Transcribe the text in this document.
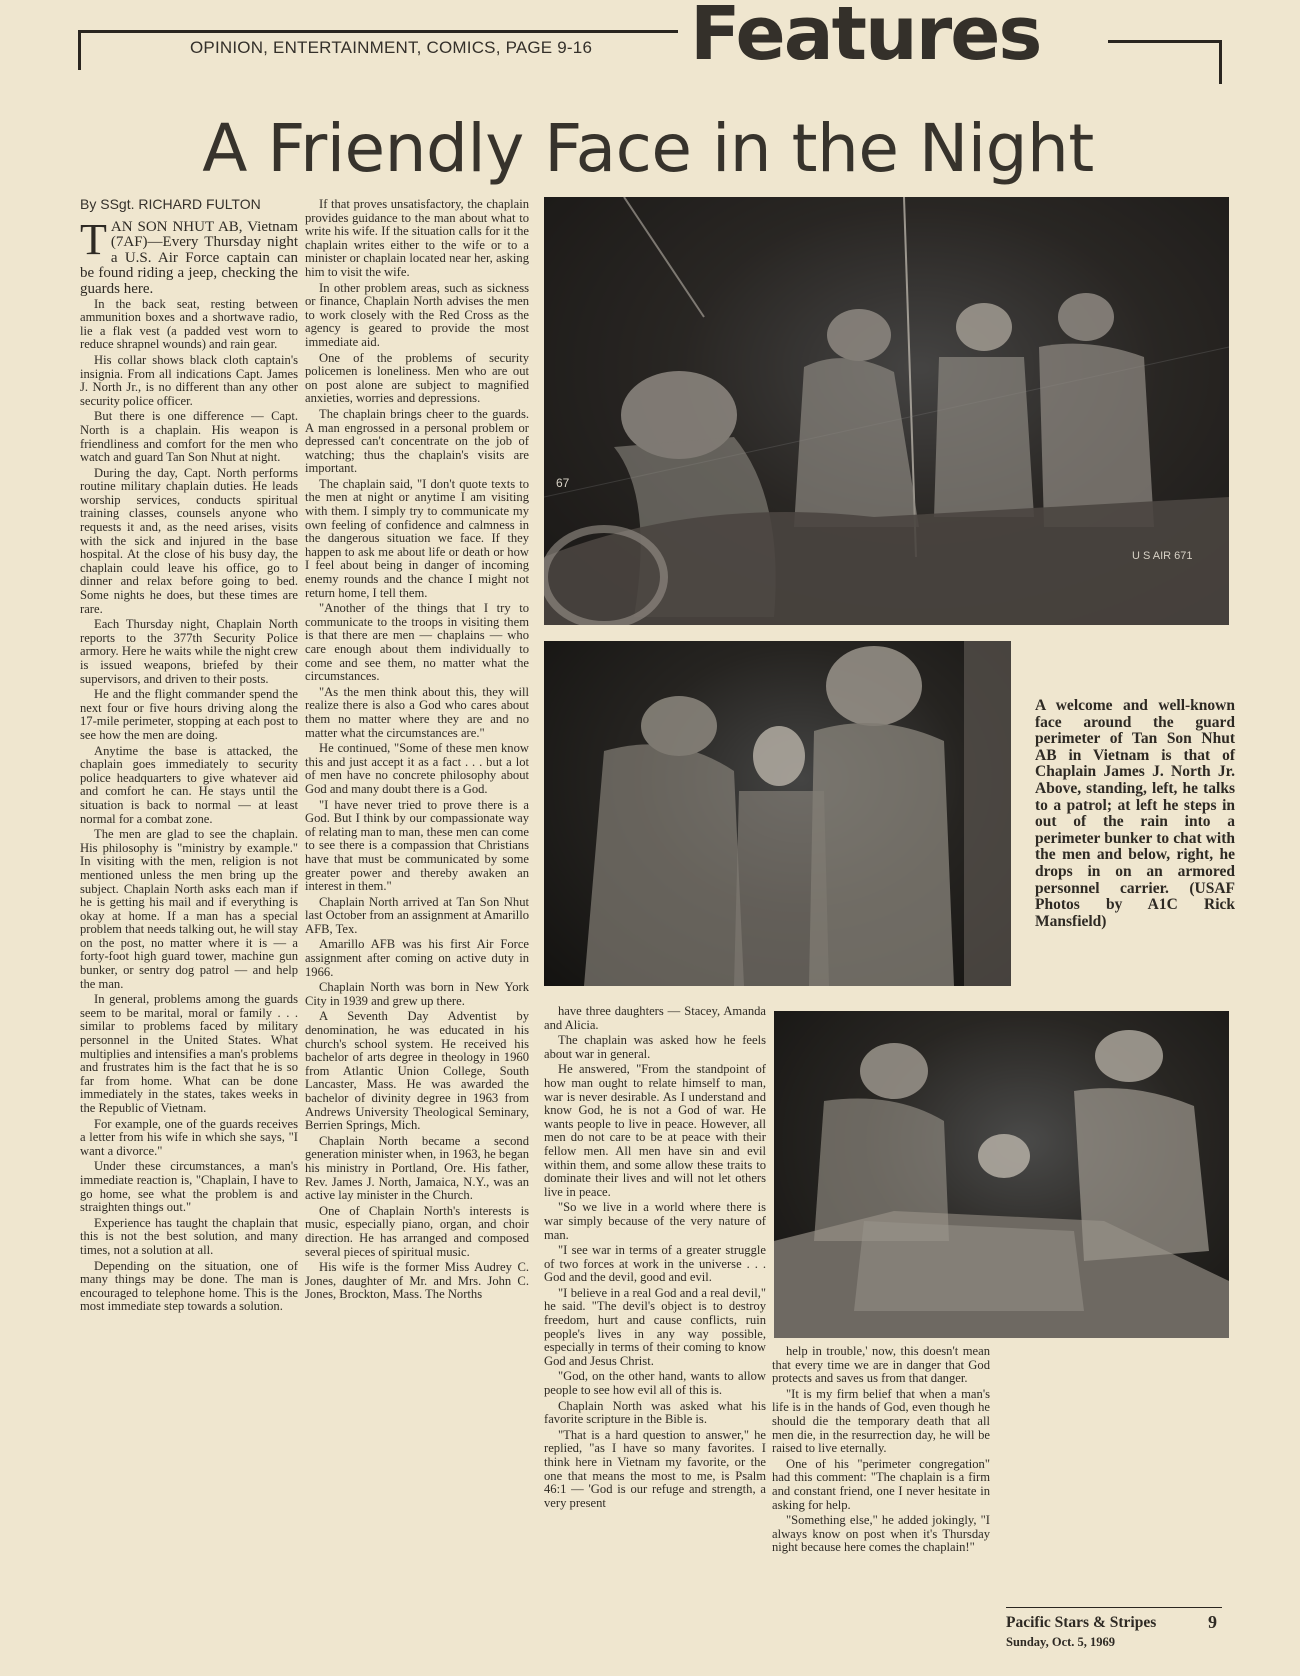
OPINION, ENTERTAINMENT, COMICS, PAGE 9-16	Features
A Friendly Face in the Night
By SSgt. RICHARD FULTON
TAN SON NHUT AB, Vietnam (7AF)—Every Thursday night a U.S. Air Force captain can be found riding a jeep, checking the guards here.

In the back seat, resting between ammunition boxes and a shortwave radio, lie a flak vest (a padded vest worn to reduce shrapnel wounds) and rain gear.

His collar shows black cloth captain's insignia. From all indications Capt. James J. North Jr., is no different than any other security police officer.

But there is one difference — Capt. North is a chaplain. His weapon is friendliness and comfort for the men who watch and guard Tan Son Nhut at night.

During the day, Capt. North performs routine military chaplain duties. He leads worship services, conducts spiritual training classes, counsels anyone who requests it and, as the need arises, visits with the sick and injured in the base hospital. At the close of his busy day, the chaplain could leave his office, go to dinner and relax before going to bed. Some nights he does, but these times are rare.

Each Thursday night, Chaplain North reports to the 377th Security Police armory. Here he waits while the night crew is issued weapons, briefed by their supervisors, and driven to their posts.

He and the flight commander spend the next four or five hours driving along the 17-mile perimeter, stopping at each post to see how the men are doing.

Anytime the base is attacked, the chaplain goes immediately to security police headquarters to give whatever aid and comfort he can. He stays until the situation is back to normal — at least normal for a combat zone.

The men are glad to see the chaplain. His philosophy is "ministry by example." In visiting with the men, religion is not mentioned unless the men bring up the subject. Chaplain North asks each man if he is getting his mail and if everything is okay at home. If a man has a special problem that needs talking out, he will stay on the post, no matter where it is — a forty-foot high guard tower, machine gun bunker, or sentry dog patrol — and help the man.

In general, problems among the guards seem to be marital, moral or family . . . similar to problems faced by military personnel in the United States. What multiplies and intensifies a man's problems and frustrates him is the fact that he is so far from home. What can be done immediately in the states, takes weeks in the Republic of Vietnam.

For example, one of the guards receives a letter from his wife in which she says, "I want a divorce."

Under these circumstances, a man's immediate reaction is, "Chaplain, I have to go home, see what the problem is and straighten things out."

Experience has taught the chaplain that this is not the best solution, and many times, not a solution at all.

Depending on the situation, one of many things may be done. The man is encouraged to telephone home. This is the most immediate step towards a solution.

If that proves unsatisfactory, the chaplain provides guidance to the man about what to write his wife. If the situation calls for it the chaplain writes either to the wife or to a minister or chaplain located near her, asking him to visit the wife.

In other problem areas, such as sickness or finance, Chaplain North advises the men to work closely with the Red Cross as the agency is geared to provide the most immediate aid.

One of the problems of security policemen is loneliness. Men who are out on post alone are subject to magnified anxieties, worries and depressions.

The chaplain brings cheer to the guards. A man engrossed in a personal problem or depressed can't concentrate on the job of watching; thus the chaplain's visits are important.

The chaplain said, "I don't quote texts to the men at night or anytime I am visiting with them. I simply try to communicate my own feeling of confidence and calmness in the dangerous situation we face. If they happen to ask me about life or death or how I feel about being in danger of incoming enemy rounds and the chance I might not return home, I tell them.

"Another of the things that I try to communicate to the troops in visiting them is that there are men — chaplains — who care enough about them individually to come and see them, no matter what the circumstances.

"As the men think about this, they will realize there is also a God who cares about them no matter where they are and no matter what the circumstances are."

He continued, "Some of these men know this and just accept it as a fact . . . but a lot of men have no concrete philosophy about God and many doubt there is a God.

"I have never tried to prove there is a God. But I think by our compassionate way of relating man to man, these men can come to see there is a compassion that Christians have that must be communicated by some greater power and thereby awaken an interest in them."

Chaplain North arrived at Tan Son Nhut last October from an assignment at Amarillo AFB, Tex.

Amarillo AFB was his first Air Force assignment after coming on active duty in 1966.

Chaplain North was born in New York City in 1939 and grew up there.

A Seventh Day Adventist by denomination, he was educated in his church's school system. He received his bachelor of arts degree in theology in 1960 from Atlantic Union College, South Lancaster, Mass. He was awarded the bachelor of divinity degree in 1963 from Andrews University Theological Seminary, Berrien Springs, Mich.

Chaplain North became a second generation minister when, in 1963, he began his ministry in Portland, Ore. His father, Rev. James J. North, Jamaica, N.Y., was an active lay minister in the Church.

One of Chaplain North's interests is music, especially piano, organ, and choir direction. He has arranged and composed several pieces of spiritual music.

His wife is the former Miss Audrey C. Jones, daughter of Mr. and Mrs. John C. Jones, Brockton, Mass. The Norths

have three daughters — Stacey, Amanda and Alicia.

The chaplain was asked how he feels about war in general.

He answered, "From the standpoint of how man ought to relate himself to man, war is never desirable. As I understand and know God, he is not a God of war. He wants people to live in peace. However, all men do not care to be at peace with their fellow men. All men have sin and evil within them, and some allow these traits to dominate their lives and will not let others live in peace.

"So we live in a world where there is war simply because of the very nature of man.

"I see war in terms of a greater struggle of two forces at work in the universe . . . God and the devil, good and evil.

"I believe in a real God and a real devil," he said. "The devil's object is to destroy freedom, hurt and cause conflicts, ruin people's lives in any way possible, especially in terms of their coming to know God and Jesus Christ.

"God, on the other hand, wants to allow people to see how evil all of this is.

Chaplain North was asked what his favorite scripture in the Bible is.

"That is a hard question to answer," he replied, "as I have so many favorites. I think here in Vietnam my favorite, or the one that means the most to me, is Psalm 46:1 — 'God is our refuge and strength, a very present

help in trouble,' now, this doesn't mean that every time we are in danger that God protects and saves us from that danger.

"It is my firm belief that when a man's life is in the hands of God, even though he should die the temporary death that all men die, in the resurrection day, he will be raised to live eternally.

One of his "perimeter congregation" had this comment: "The chaplain is a firm and constant friend, one I never hesitate in asking for help.

"Something else," he added jokingly, "I always know on post when it's Thursday night because here comes the chaplain!"

67
U S AIR 671
A welcome and well-known face around the guard perimeter of Tan Son Nhut AB in Vietnam is that of Chaplain James J. North Jr. Above, standing, left, he talks to a patrol; at left he steps in out of the rain into a perimeter bunker to chat with the men and below, right, he drops in on an armored personnel carrier. (USAF Photos by A1C Rick Mansfield)
Pacific Stars & Stripes	9
Sunday, Oct. 5, 1969
